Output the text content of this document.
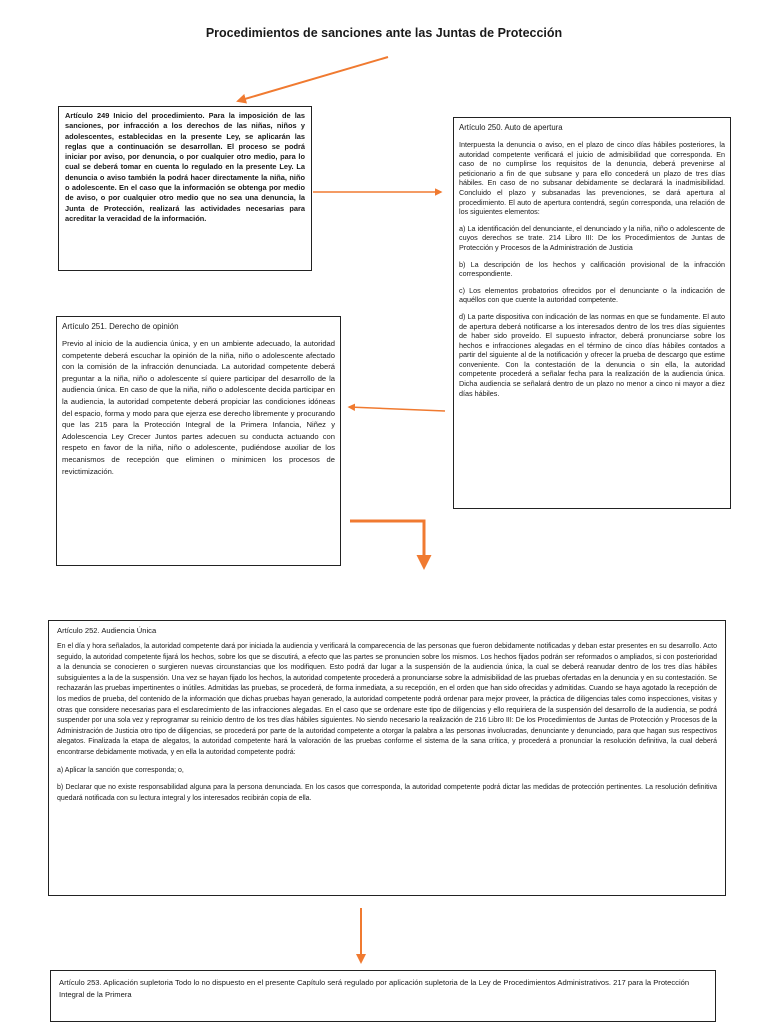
Procedimientos de sanciones ante las Juntas de Protección

Artículo 249 Inicio del procedimiento. Para la imposición de las sanciones, por infracción a los derechos de las niñas, niños y adolescentes, establecidas en la presente Ley, se aplicarán las reglas que a continuación se desarrollan. El proceso se podrá iniciar por aviso, por denuncia, o por cualquier otro medio, para lo cual se deberá tomar en cuenta lo regulado en la presente Ley. La denuncia o aviso también la podrá hacer directamente la niña, niño o adolescente. En el caso que la información se obtenga por medio de aviso, o por cualquier otro medio que no sea una denuncia, la Junta de Protección, realizará las actividades necesarias para acreditar la veracidad de la información.

Artículo 250. Auto de apertura

Interpuesta la denuncia o aviso, en el plazo de cinco días hábiles posteriores, la autoridad competente verificará el juicio de admisibilidad que corresponda. En caso de no cumplirse los requisitos de la denuncia, deberá prevenirse al peticionario a fin de que subsane y para ello concederá un plazo de tres días hábiles. En caso de no subsanar debidamente se declarará la inadmisibilidad. Concluido el plazo y subsanadas las prevenciones, se dará apertura al procedimiento. El auto de apertura contendrá, según corresponda, una relación de los siguientes elementos:

a) La identificación del denunciante, el denunciado y la niña, niño o adolescente de cuyos derechos se trate. 214 Libro III: De los Procedimientos de Juntas de Protección y Procesos de la Administración de Justicia

b) La descripción de los hechos y calificación provisional de la infracción correspondiente.

c) Los elementos probatorios ofrecidos por el denunciante o la indicación de aquéllos con que cuente la autoridad competente.

d) La parte dispositiva con indicación de las normas en que se fundamente. El auto de apertura deberá notificarse a los interesados dentro de los tres días siguientes de haber sido proveído. El supuesto infractor, deberá pronunciarse sobre los hechos e infracciones alegadas en el término de cinco días hábiles contados a partir del siguiente al de la notificación y ofrecer la prueba de descargo que estime conveniente. Con la contestación de la denuncia o sin ella, la autoridad competente procederá a señalar fecha para la realización de la audiencia única. Dicha audiencia se señalará dentro de un plazo no menor a cinco ni mayor a diez días hábiles.

Artículo 251. Derecho de opinión

Previo al inicio de la audiencia única, y en un ambiente adecuado, la autoridad competente deberá escuchar la opinión de la niña, niño o adolescente afectado con la comisión de la infracción denunciada. La autoridad competente deberá preguntar a la niña, niño o adolescente sí quiere participar del desarrollo de la audiencia única. En caso de que la niña, niño o adolescente decida participar en la audiencia, la autoridad competente deberá propiciar las condiciones idóneas del espacio, forma y modo para que ejerza ese derecho libremente y procurando que las 215 para la Protección Integral de la Primera Infancia, Niñez y Adolescencia Ley Crecer Juntos partes adecuen su conducta actuando con respeto en favor de la niña, niño o adolescente, pudiéndose auxiliar de los mecanismos de recepción que eliminen o minimicen los procesos de revictimización.

Artículo 252. Audiencia Única

En el día y hora señalados, la autoridad competente dará por iniciada la audiencia y verificará la comparecencia de las personas que fueron debidamente notificadas y deban estar presentes en su desarrollo. Acto seguido, la autoridad competente fijará los hechos, sobre los que se discutirá, a efecto que las partes se pronuncien sobre los mismos. Los hechos fijados podrán ser reformados o ampliados, si con posterioridad a la denuncia se conocieren o surgieren nuevas circunstancias que los modifiquen. Esto podrá dar lugar a la suspensión de la audiencia única, la cual se deberá reanudar dentro de los tres días hábiles subsiguientes a la de la suspensión. Una vez se hayan fijado los hechos, la autoridad competente procederá a pronunciarse sobre la admisibilidad de las pruebas ofertadas en la denuncia y en su contestación. Se rechazarán las pruebas impertinentes o inútiles. Admitidas las pruebas, se procederá, de forma inmediata, a su recepción, en el orden que han sido ofrecidas y admitidas. Cuando se haya agotado la recepción de los medios de prueba, del contenido de la información que dichas pruebas hayan generado, la autoridad competente podrá ordenar para mejor proveer, la práctica de diligencias tales como inspecciones, visitas y otras que considere necesarias para el esclarecimiento de las infracciones alegadas. En el caso que se ordenare este tipo de diligencias y ello requiriera de la suspensión del desarrollo de la audiencia, se podrá suspender por una sola vez y reprogramar su reinicio dentro de los tres días hábiles siguientes. No siendo necesario la realización de 216 Libro III: De los Procedimientos de Juntas de Protección y Procesos de la Administración de Justicia otro tipo de diligencias, se procederá por parte de la autoridad competente a otorgar la palabra a las personas involucradas, denunciante y denunciado, para que hagan sus respectivos alegatos. Finalizada la etapa de alegatos, la autoridad competente hará la valoración de las pruebas conforme el sistema de la sana crítica, y procederá a pronunciar la resolución definitiva, la cual deberá encontrarse debidamente motivada, y en ella la autoridad competente podrá:

a) Aplicar la sanción que corresponda; o,

b) Declarar que no existe responsabilidad alguna para la persona denunciada. En los casos que corresponda, la autoridad competente podrá dictar las medidas de protección pertinentes. La resolución definitiva quedará notificada con su lectura integral y los interesados recibirán copia de ella.

Artículo 253. Aplicación supletoria Todo lo no dispuesto en el presente Capítulo será regulado por aplicación supletoria de la Ley de Procedimientos Administrativos. 217 para la Protección Integral de la Primera
